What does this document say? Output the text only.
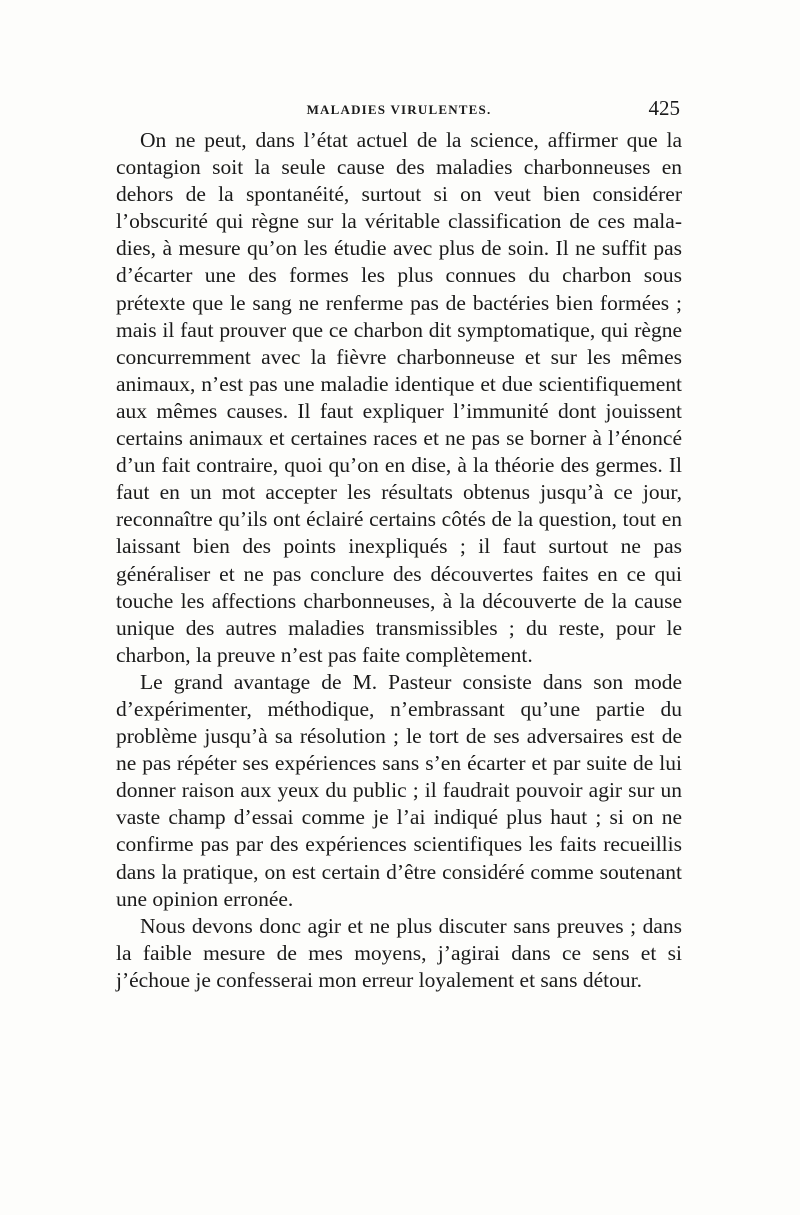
MALADIES VIRULENTES.	425

On ne peut, dans l’état actuel de la science, affirmer que la contagion soit la seule cause des maladies charbonneuses en dehors de la spontanéité, surtout si on veut bien considérer l’obscurité qui règne sur la véritable classification de ces maladies, à mesure qu’on les étudie avec plus de soin. Il ne suffit pas d’écarter une des formes les plus connues du charbon sous prétexte que le sang ne renferme pas de bactéries bien formées ; mais il faut prouver que ce charbon dit symptomatique, qui règne concurremment avec la fièvre charbonneuse et sur les mêmes animaux, n’est pas une maladie identique et due scientifiquement aux mêmes causes. Il faut expliquer l’immunité dont jouissent certains animaux et certaines races et ne pas se borner à l’énoncé d’un fait contraire, quoi qu’on en dise, à la théorie des germes. Il faut en un mot accepter les résultats obtenus jusqu’à ce jour, reconnaître qu’ils ont éclairé certains côtés de la question, tout en laissant bien des points inexpliqués ; il faut surtout ne pas généraliser et ne pas conclure des découvertes faites en ce qui touche les affections charbonneuses, à la découverte de la cause unique des autres maladies transmissibles ; du reste, pour le charbon, la preuve n’est pas faite complètement.

Le grand avantage de M. Pasteur consiste dans son mode d’expérimenter, méthodique, n’embrassant qu’une partie du problème jusqu’à sa résolution ; le tort de ses adversaires est de ne pas répéter ses expériences sans s’en écarter et par suite de lui donner raison aux yeux du public ; il faudrait pouvoir agir sur un vaste champ d’essai comme je l’ai indiqué plus haut ; si on ne confirme pas par des expériences scientifiques les faits recueillis dans la pratique, on est certain d’être considéré comme soutenant une opinion erronée.

Nous devons donc agir et ne plus discuter sans preuves ; dans la faible mesure de mes moyens, j’agirai dans ce sens et si j’échoue je confesserai mon erreur loyalement et sans détour.
